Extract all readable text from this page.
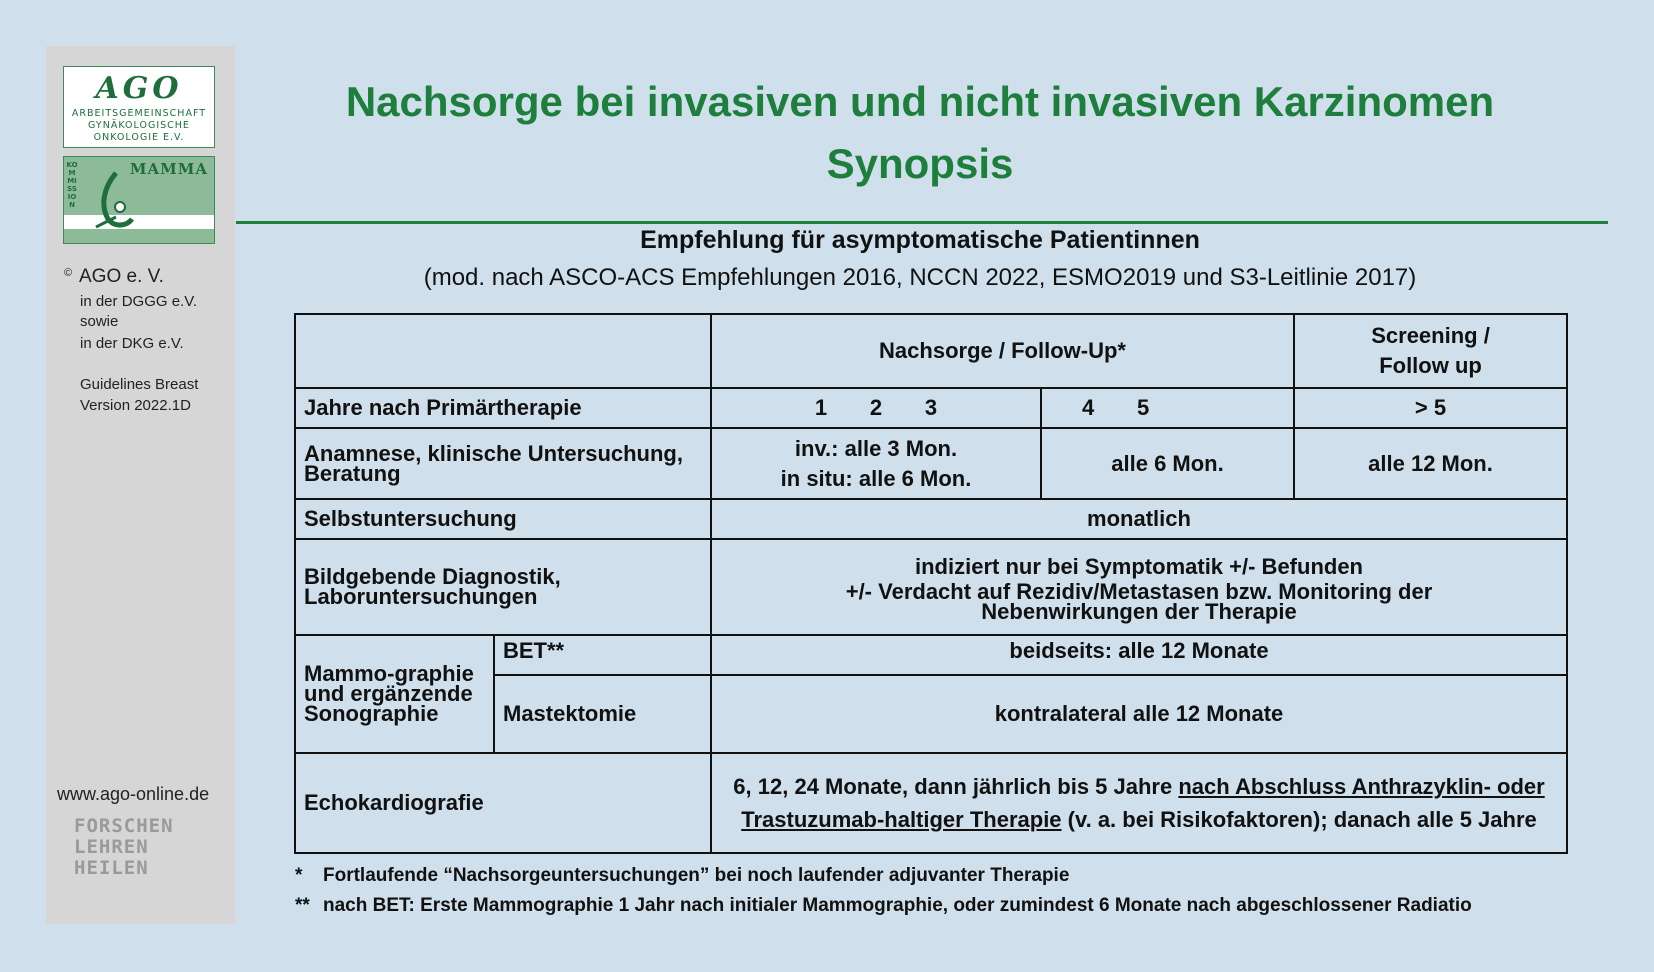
AGO
ARBEITSGEMEINSCHAFT
GYNÄKOLOGISCHE
ONKOLOGIE E.V.
KOMMISSION
MAMMA
© AGO e. V.
in der DGGG e.V.
sowie
in der DKG e.V.
Guidelines Breast
Version 2022.1D
www.ago-online.de
FORSCHEN
LEHREN
HEILEN
Nachsorge bei invasiven und nicht invasiven Karzinomen
Synopsis
Empfehlung für asymptomatische Patientinnen
(mod. nach ASCO-ACS Empfehlungen 2016, NCCN 2022, ESMO2019 und S3-Leitlinie 2017)
		Nachsorge / Follow-Up*		Screening /
Follow up

Jahre nach Primärtherapie		1       2       3	4       5	> 5
Anamnese, klinische Untersuchung, Beratung		inv.: alle 3 Mon.
in situ: alle 6 Mon.	alle 6 Mon.	alle 12 Mon.
Selbstuntersuchung		monatlich		
Bildgebende Diagnostik, Laboruntersuchungen		indiziert nur bei Symptomatik +/- Befunden
+/- Verdacht auf Rezidiv/Metastasen bzw. Monitoring der Nebenwirkungen der Therapie		

Mammo-graphie und ergänzende Sonographie	BET**	beidseits: alle 12 Monate		
	Mastektomie	kontralateral alle 12 Monate		
Echokardiografie		6, 12, 24 Monate, dann jährlich bis 5 Jahre nach Abschluss Anthrazyklin- oder
Trastuzumab-haltiger Therapie (v. a. bei Risikofaktoren); danach alle 5 Jahre		
* Fortlaufende “Nachsorgeuntersuchungen” bei noch laufender adjuvanter Therapie
** nach BET: Erste Mammographie 1 Jahr nach initialer Mammographie, oder zumindest 6 Monate nach abgeschlossener Radiatio
